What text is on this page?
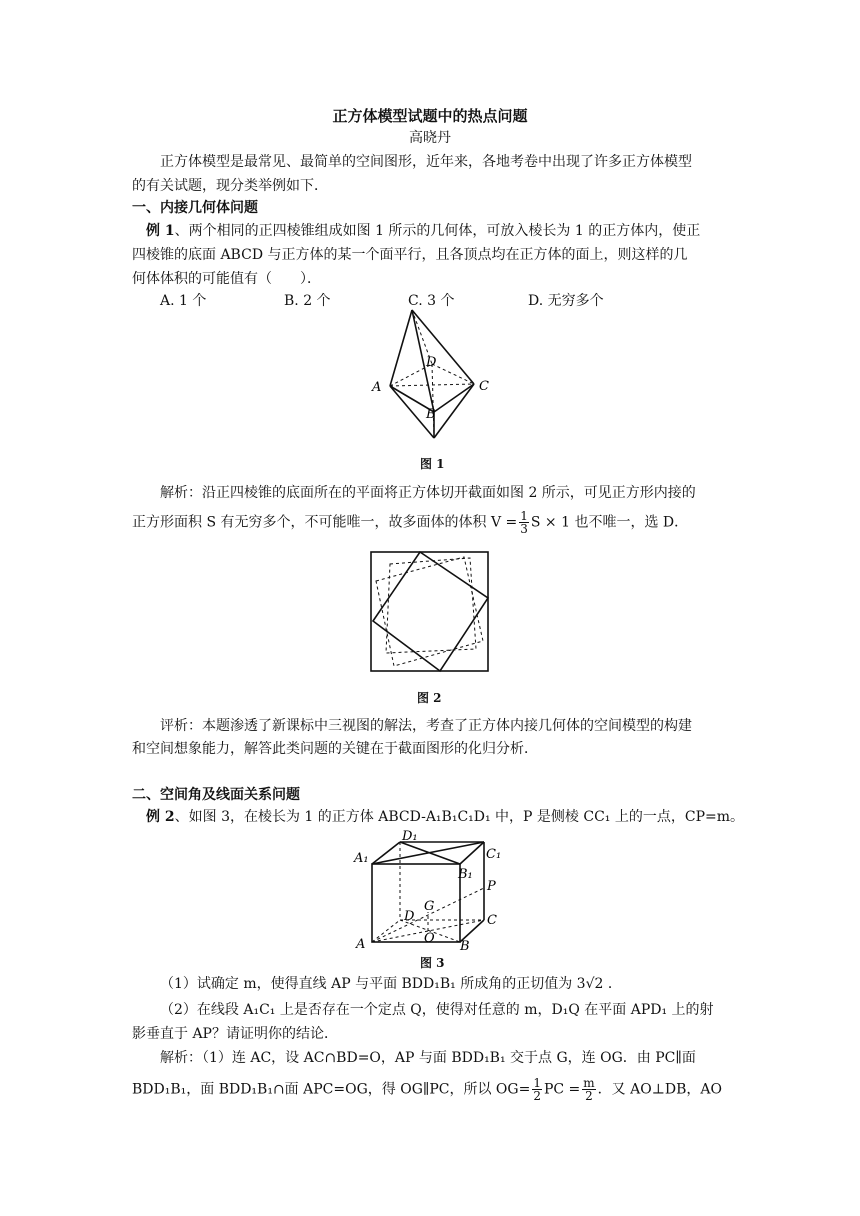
正方体模型试题中的热点问题
高晓丹
正方体模型是最常见、最简单的空间图形，近年来，各地考卷中出现了许多正方体模型
的有关试题，现分类举例如下．
一、内接几何体问题
例 1、两个相同的正四棱锥组成如图 1 所示的几何体，可放入棱长为 1 的正方体内，使正
四棱锥的底面 ABCD 与正方体的某一个面平行，且各顶点均在正方体的面上，则这样的几
何体体积的可能值有（　　）．
A. 1 个	B. 2 个	C. 3 个	D. 无穷多个
A
D
C
B
图 1
解析：沿正四棱锥的底面所在的平面将正方体切开截面如图 2 所示，可见正方形内接的
正方形面积 S 有无穷多个，不可能唯一，故多面体的体积 $V = \frac{1}{3}$ S × 1 也不唯一，选 D．
图 2
评析：本题渗透了新课标中三视图的解法，考查了正方体内接几何体的空间模型的构建
和空间想象能力，解答此类问题的关键在于截面图形的化归分析．
二、空间角及线面关系问题
例 2、如图 3，在棱长为 1 的正方体 ABCD-A₁B₁C₁D₁ 中，P 是侧棱 CC₁ 上的一点，CP=m。
D₁
A₁	C₁
B₁
P
G
D	C
O
A	B
图 3
（1）试确定 m，使得直线 AP 与平面 BDD₁B₁ 所成角的正切值为 3√2 ．
（2）在线段 A₁C₁ 上是否存在一个定点 Q，使得对任意的 m，D₁Q 在平面 APD₁ 上的射
影垂直于 AP？请证明你的结论．
解析：（1）连 AC，设 AC∩BD=O，AP 与面 BDD₁B₁ 交于点 G，连 OG．由 PC∥面
BDD₁B₁，面 BDD₁B₁∩面 APC=OG，得 OG∥PC，所以 $OG= \frac{1}{2}$ PC = $\frac{m}{2}$ ．又 AO⊥DB，AO
